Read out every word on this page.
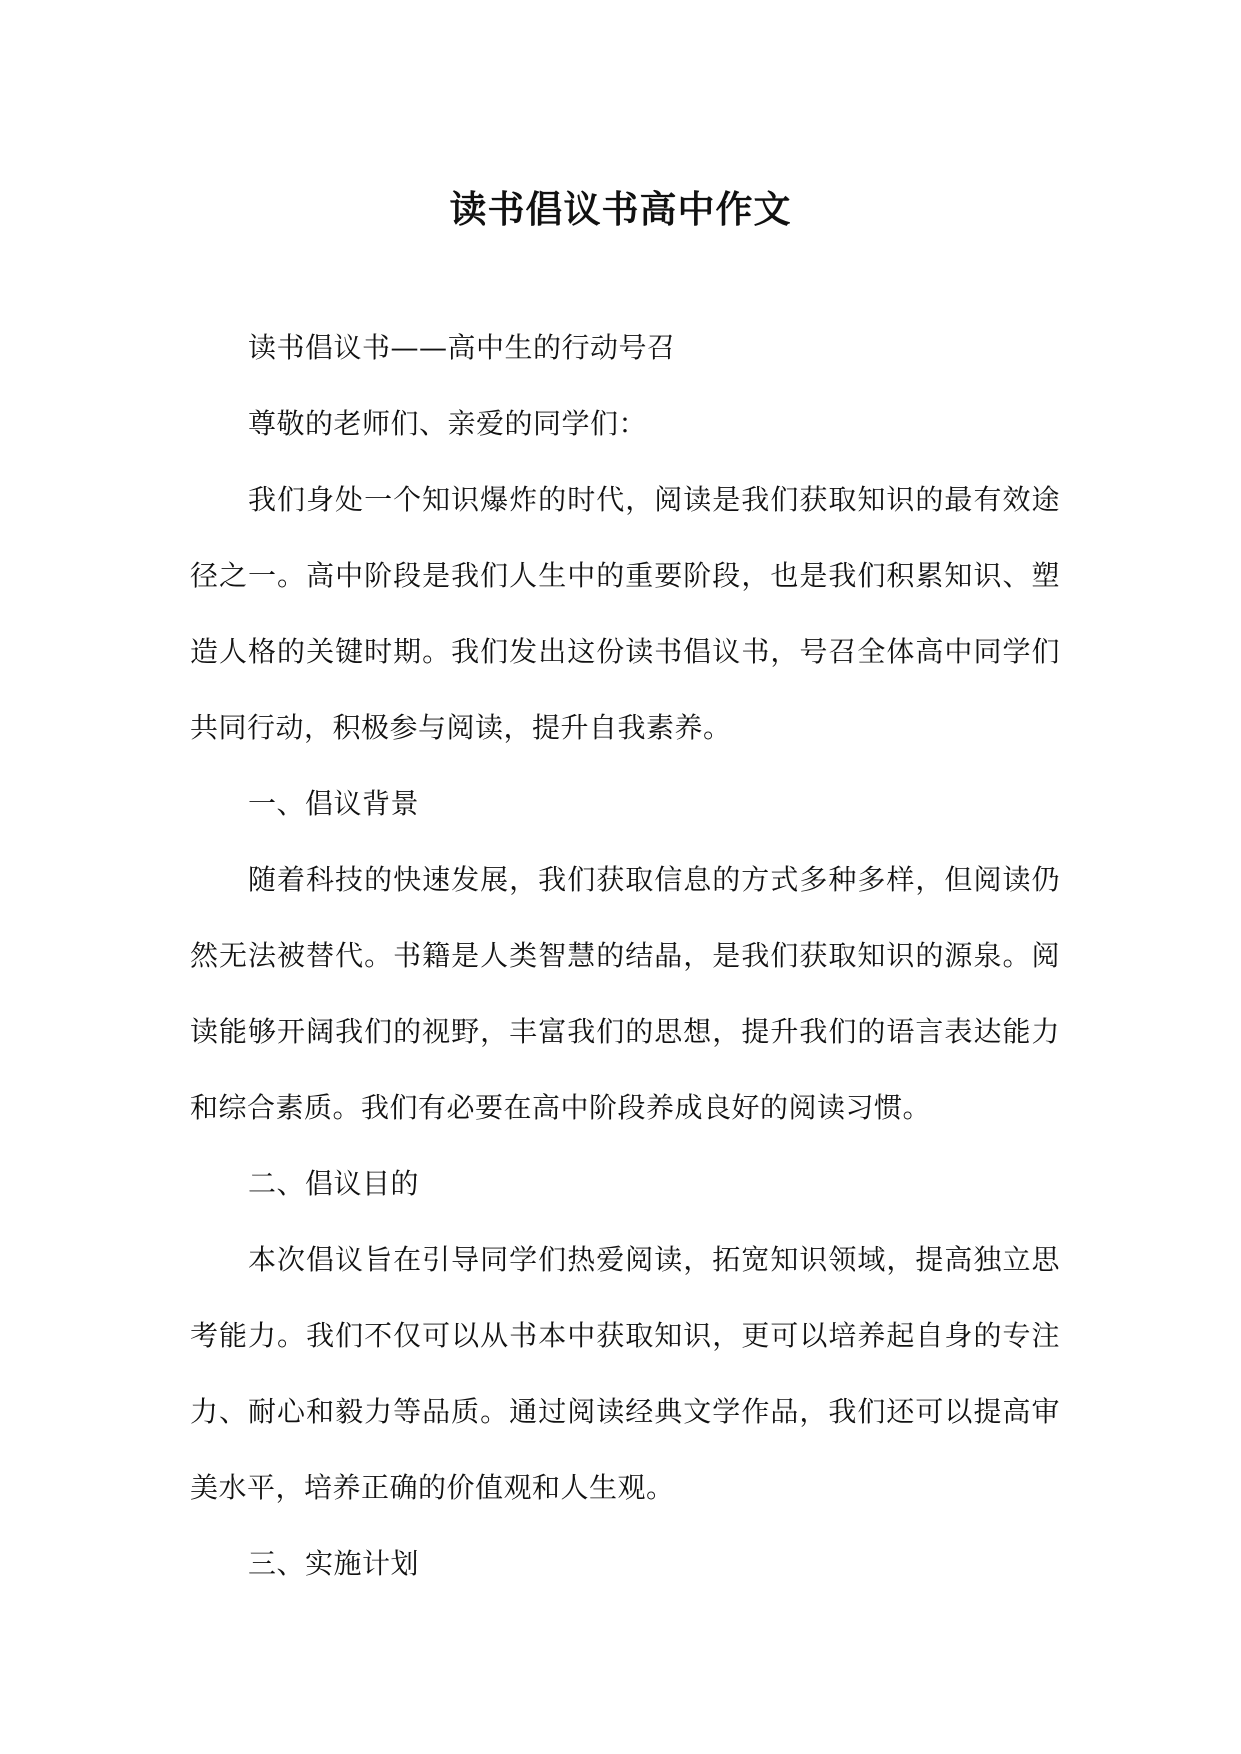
读书倡议书高中作文

读书倡议书——高中生的行动号召

尊敬的老师们、亲爱的同学们：

我们身处一个知识爆炸的时代，阅读是我们获取知识的最有效途径之一。高中阶段是我们人生中的重要阶段，也是我们积累知识、塑造人格的关键时期。我们发出这份读书倡议书，号召全体高中同学们共同行动，积极参与阅读，提升自我素养。

一、倡议背景

随着科技的快速发展，我们获取信息的方式多种多样，但阅读仍然无法被替代。书籍是人类智慧的结晶，是我们获取知识的源泉。阅读能够开阔我们的视野，丰富我们的思想，提升我们的语言表达能力和综合素质。我们有必要在高中阶段养成良好的阅读习惯。

二、倡议目的

本次倡议旨在引导同学们热爱阅读，拓宽知识领域，提高独立思考能力。我们不仅可以从书本中获取知识，更可以培养起自身的专注力、耐心和毅力等品质。通过阅读经典文学作品，我们还可以提高审美水平，培养正确的价值观和人生观。

三、实施计划
